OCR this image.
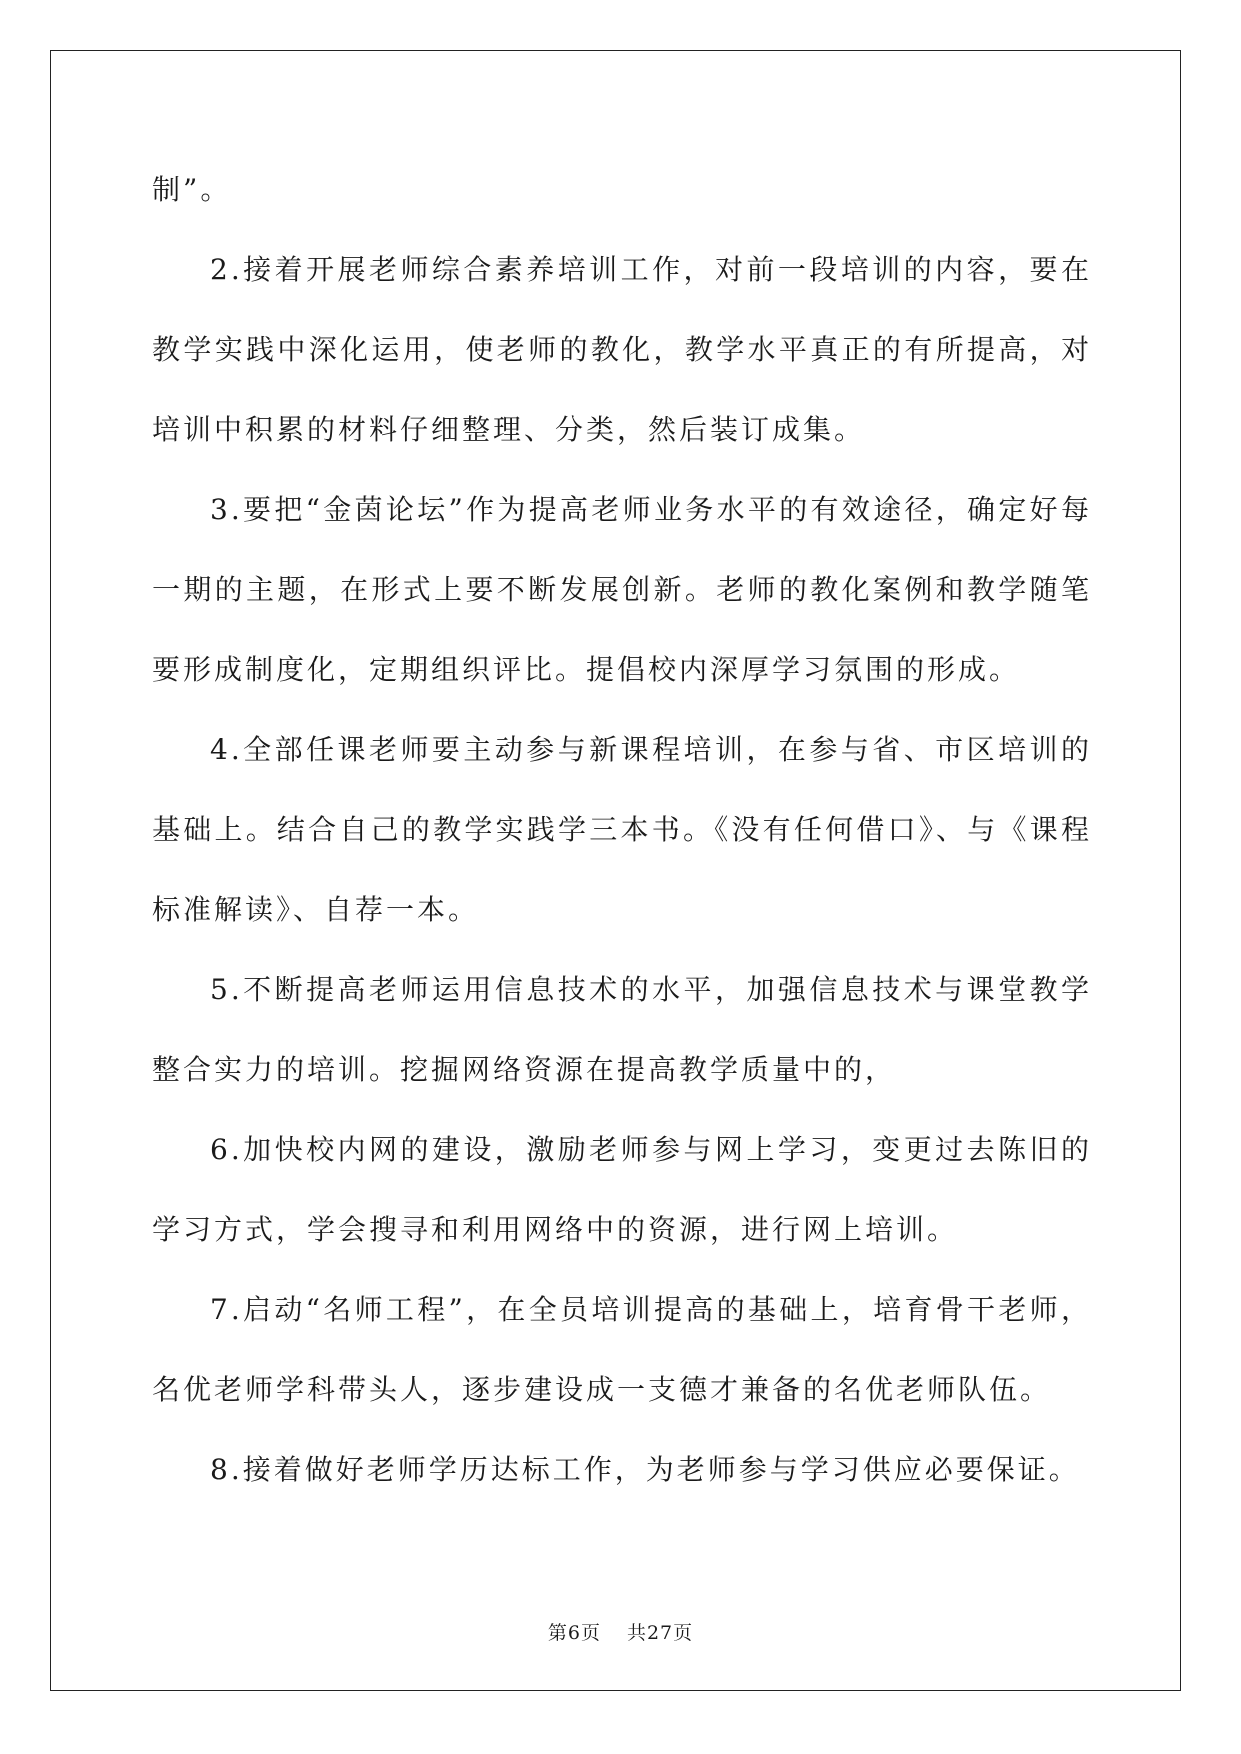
制”。

2.接着开展老师综合素养培训工作，对前一段培训的内容，要在教学实践中深化运用，使老师的教化，教学水平真正的有所提高，对培训中积累的材料仔细整理、分类，然后装订成集。

3.要把“金茵论坛”作为提高老师业务水平的有效途径，确定好每一期的主题，在形式上要不断发展创新。老师的教化案例和教学随笔要形成制度化，定期组织评比。提倡校内深厚学习氛围的形成。

4.全部任课老师要主动参与新课程培训，在参与省、市区培训的基础上。结合自己的教学实践学三本书。《没有任何借口》、与《课程标准解读》、自荐一本。

5.不断提高老师运用信息技术的水平，加强信息技术与课堂教学整合实力的培训。挖掘网络资源在提高教学质量中的，

6.加快校内网的建设，激励老师参与网上学习，变更过去陈旧的学习方式，学会搜寻和利用网络中的资源，进行网上培训。

7.启动“名师工程”，在全员培训提高的基础上，培育骨干老师，名优老师学科带头人，逐步建设成一支德才兼备的名优老师队伍。

8.接着做好老师学历达标工作，为老师参与学习供应必要保证。

第6页 共27页
